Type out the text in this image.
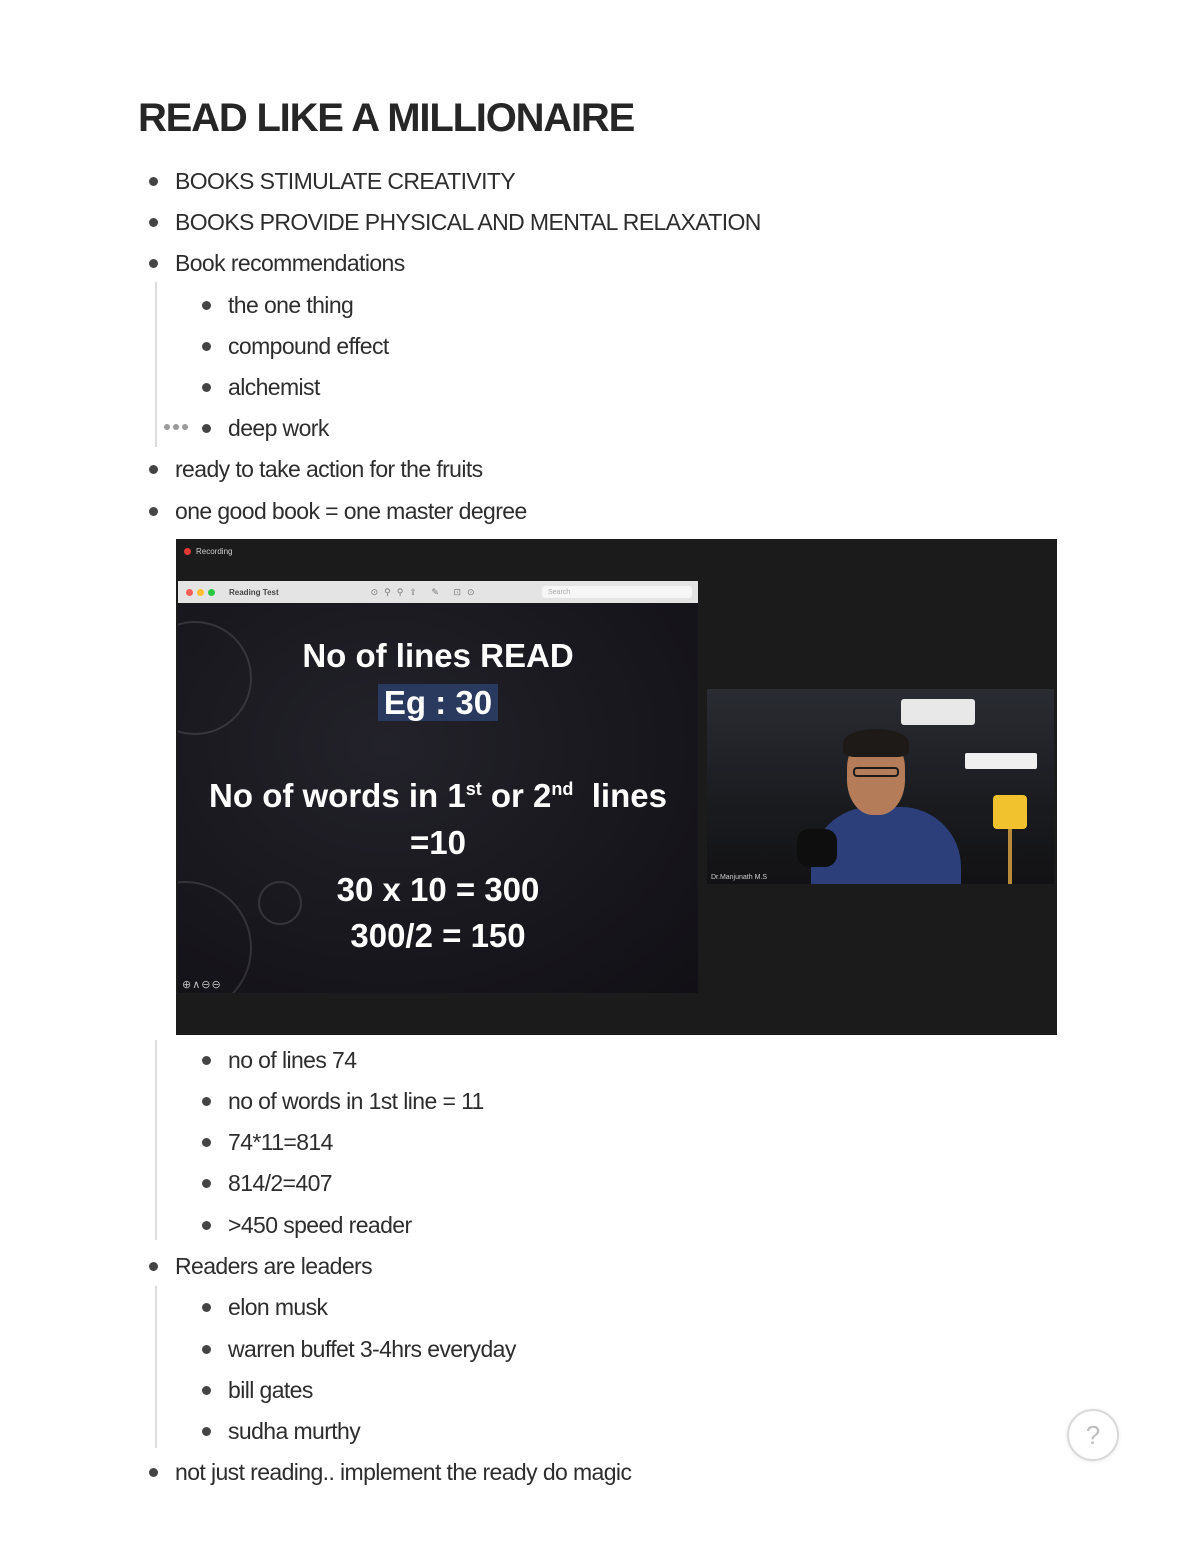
READ LIKE A MILLIONAIRE
BOOKS STIMULATE CREATIVITY
BOOKS PROVIDE PHYSICAL AND MENTAL RELAXATION
Book recommendations
the one thing
compound effect
alchemist
deep work
ready to take action for the fruits
one good book = one master degree
Recording
Reading Test	⊙⚲⚲⇪ ✎ ⊡⊙	Search
No of lines READ
Eg : 30
No of words in 1st or 2nd  lines
=10
30 x 10 = 300
300/2 = 150
⊕∧⊖⊖
Dr.Manjunath M.S
no of lines 74
no of words in 1st line = 11
74*11=814
814/2=407
>450 speed reader
Readers are leaders
elon musk
warren buffet 3-4hrs everyday
bill gates
sudha murthy
not just reading.. implement the ready do magic
?
